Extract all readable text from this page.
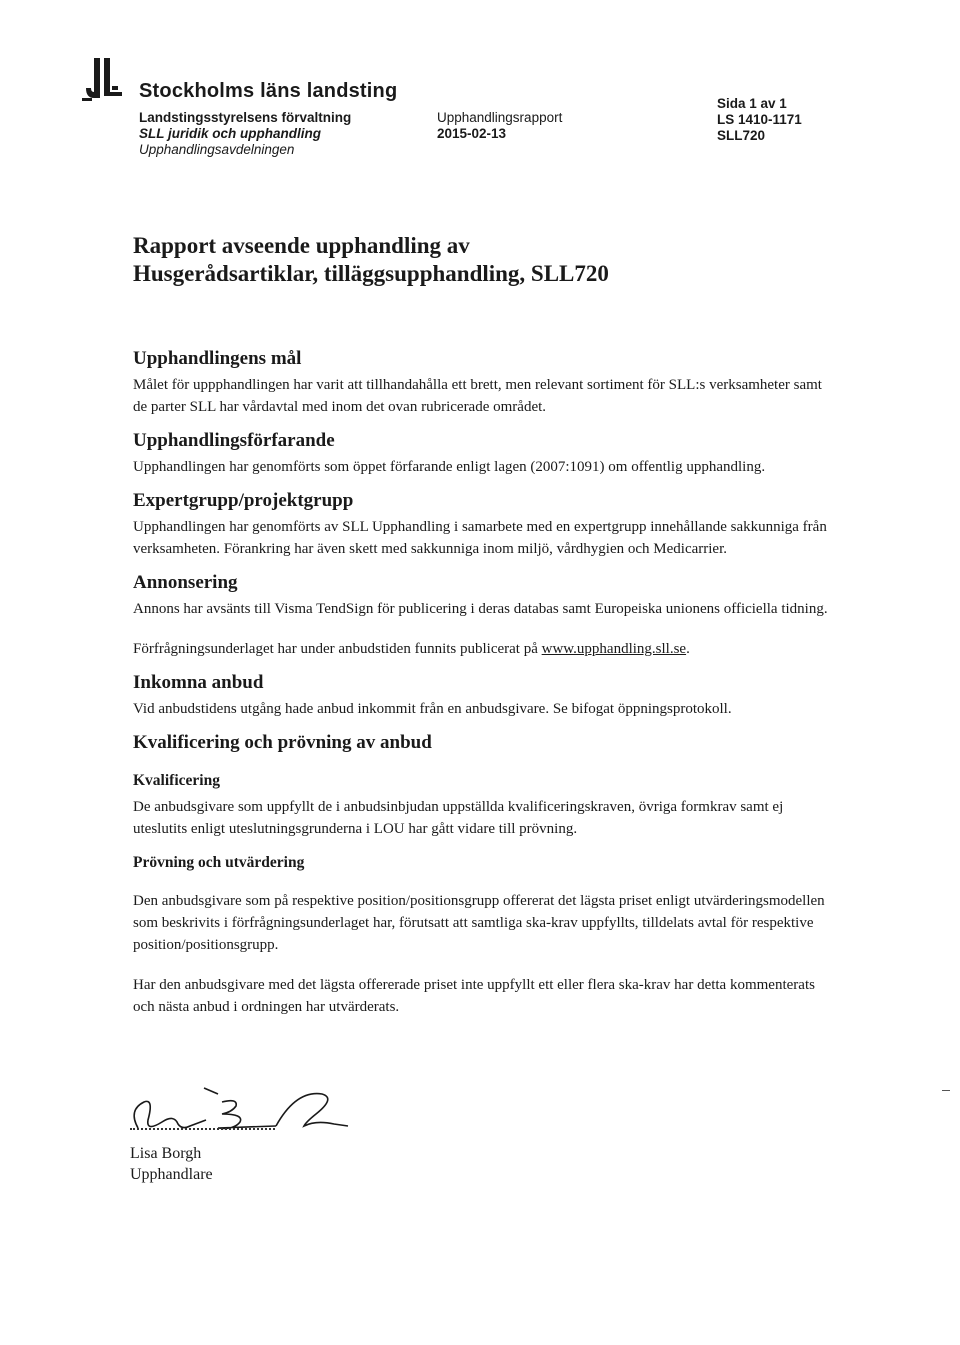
Stockholms läns landsting
Landstingsstyrelsens förvaltning
SLL juridik och upphandling
Upphandlingsavdelningen
Upphandlingsrapport
2015-02-13
Sida 1 av 1
LS 1410-1171
SLL720
Rapport avseende upphandling av
Husgerådsartiklar, tilläggsupphandling, SLL720
Upphandlingens mål

Målet för uppphandlingen har varit att tillhandahålla ett brett, men relevant sortiment för SLL:s verksamheter samt de parter SLL har vårdavtal med inom det ovan rubricerade området.

Upphandlingsförfarande

Upphandlingen har genomförts som öppet förfarande enligt lagen (2007:1091) om offentlig upphandling.

Expertgrupp/projektgrupp

Upphandlingen har genomförts av SLL Upphandling i samarbete med en expertgrupp innehållande sakkunniga från verksamheten. Förankring har även skett med sakkunniga inom miljö, vårdhygien och Medicarrier.

Annonsering

Annons har avsänts till Visma TendSign för publicering i deras databas samt Europeiska unionens officiella tidning.

Förfrågningsunderlaget har under anbudstiden funnits publicerat på www.upphandling.sll.se.

Inkomna anbud

Vid anbudstidens utgång hade anbud inkommit från en anbudsgivare. Se bifogat öppningsprotokoll.

Kvalificering och prövning av anbud
Kvalificering

De anbudsgivare som uppfyllt de i anbudsinbjudan uppställda kvalificeringskraven, övriga formkrav samt ej uteslutits enligt uteslutningsgrunderna i LOU har gått vidare till prövning.

Prövning och utvärdering

Den anbudsgivare som på respektive position/positionsgrupp offererat det lägsta priset enligt utvärderingsmodellen som beskrivits i förfrågningsunderlaget har, förutsatt att samtliga ska-krav uppfyllts, tilldelats avtal för respektive position/positionsgrupp.

Har den anbudsgivare med det lägsta offererade priset inte uppfyllt ett eller flera ska-krav har detta kommenterats och nästa anbud i ordningen har utvärderats.

Lisa Borgh
Upphandlare
